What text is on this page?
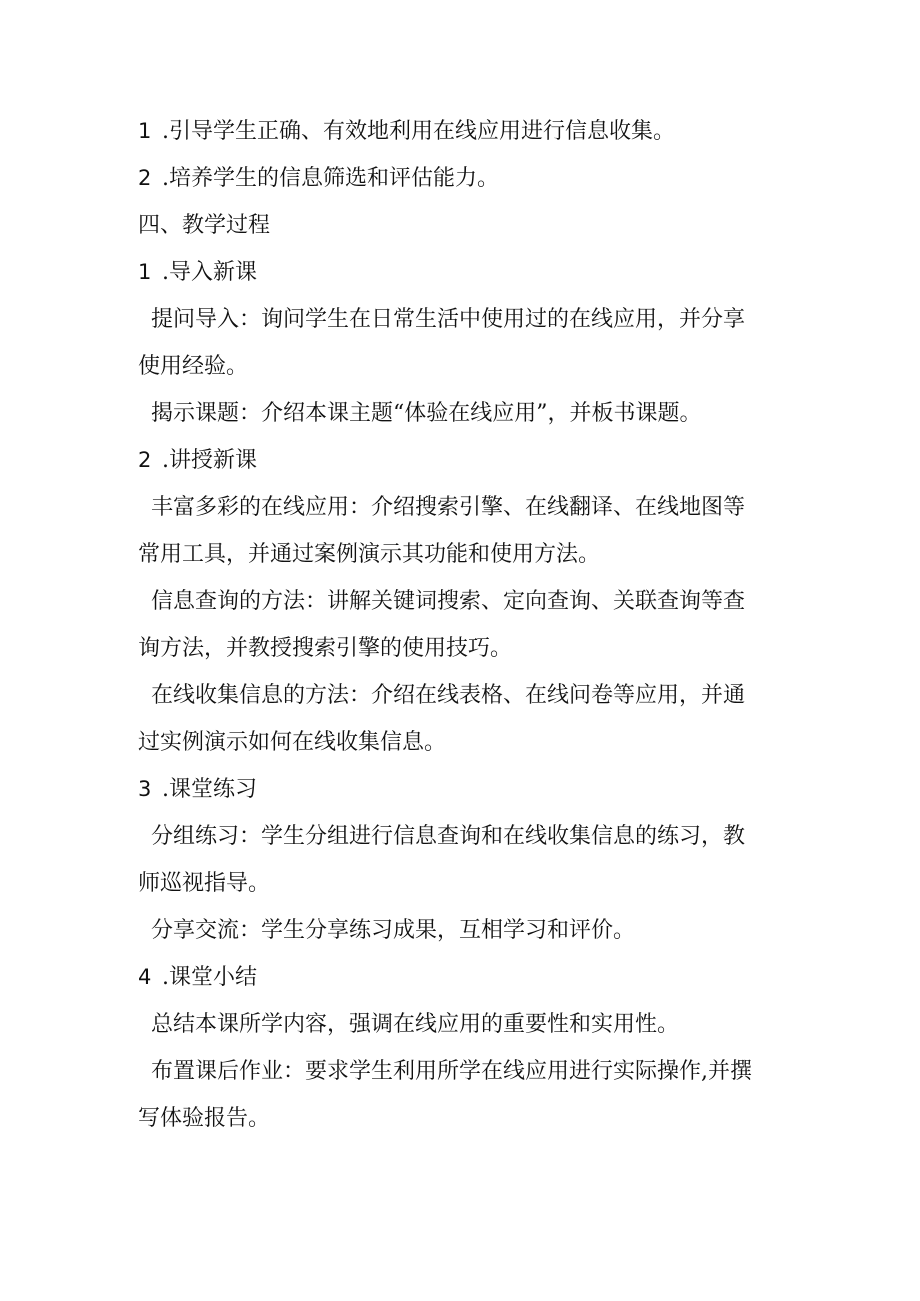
1 .引导学生正确、有效地利用在线应用进行信息收集。

2 .培养学生的信息筛选和评估能力。

四、教学过程

1 .导入新课

提问导入：询问学生在日常生活中使用过的在线应用，并分享

使用经验。

揭示课题：介绍本课主题“体验在线应用”，并板书课题。

2 .讲授新课

丰富多彩的在线应用：介绍搜索引擎、在线翻译、在线地图等

常用工具，并通过案例演示其功能和使用方法。

信息查询的方法：讲解关键词搜索、定向查询、关联查询等查

询方法，并教授搜索引擎的使用技巧。

在线收集信息的方法：介绍在线表格、在线问卷等应用，并通

过实例演示如何在线收集信息。

3 .课堂练习

分组练习：学生分组进行信息查询和在线收集信息的练习，教

师巡视指导。

分享交流：学生分享练习成果，互相学习和评价。

4 .课堂小结

总结本课所学内容，强调在线应用的重要性和实用性。

布置课后作业：要求学生利用所学在线应用进行实际操作,并撰

写体验报告。
